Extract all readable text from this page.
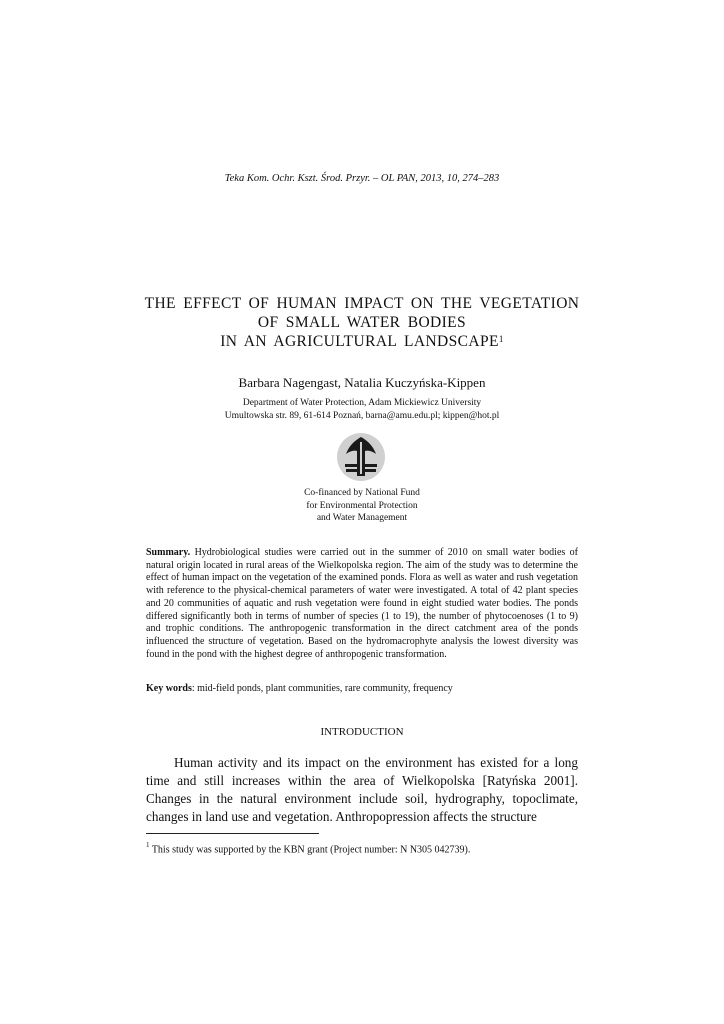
Teka Kom. Ochr. Kszt. Środ. Przyr. – OL PAN, 2013, 10, 274–283
THE EFFECT OF HUMAN IMPACT ON THE VEGETATION
OF SMALL WATER BODIES
IN AN AGRICULTURAL LANDSCAPE$^1$
Barbara Nagengast, Natalia Kuczyńska-Kippen
Department of Water Protection, Adam Mickiewicz University
Umultowska str. 89, 61-614 Poznań, barna@amu.edu.pl; kippen@hot.pl
Co-financed by National Fund
for Environmental Protection
and Water Management
Summary. Hydrobiological studies were carried out in the summer of 2010 on small water bodies of natural origin located in rural areas of the Wielkopolska region. The aim of the study was to determine the effect of human impact on the vegetation of the examined ponds. Flora as well as water and rush vegetation with reference to the physical-chemical parameters of water were investigated. A total of 42 plant species and 20 communities of aquatic and rush vegetation were found in eight studied water bodies. The ponds differed significantly both in terms of number of species (1 to 19), the number of phytocoenoses (1 to 9) and trophic conditions. The anthropogenic transformation in the direct catchment area of the ponds influenced the structure of vegetation. Based on the hydromacrophyte analysis the lowest diversity was found in the pond with the highest degree of anthropogenic transformation.
Key words: mid-field ponds, plant communities, rare community, frequency
INTRODUCTION

Human activity and its impact on the environment has existed for a long time and still increases within the area of Wielkopolska [Ratyńska 2001]. Changes in the natural environment include soil, hydrography, topoclimate, changes in land use and vegetation. Anthropopression affects the structure

$^1$ This study was supported by the KBN grant (Project number: N N305 042739).
